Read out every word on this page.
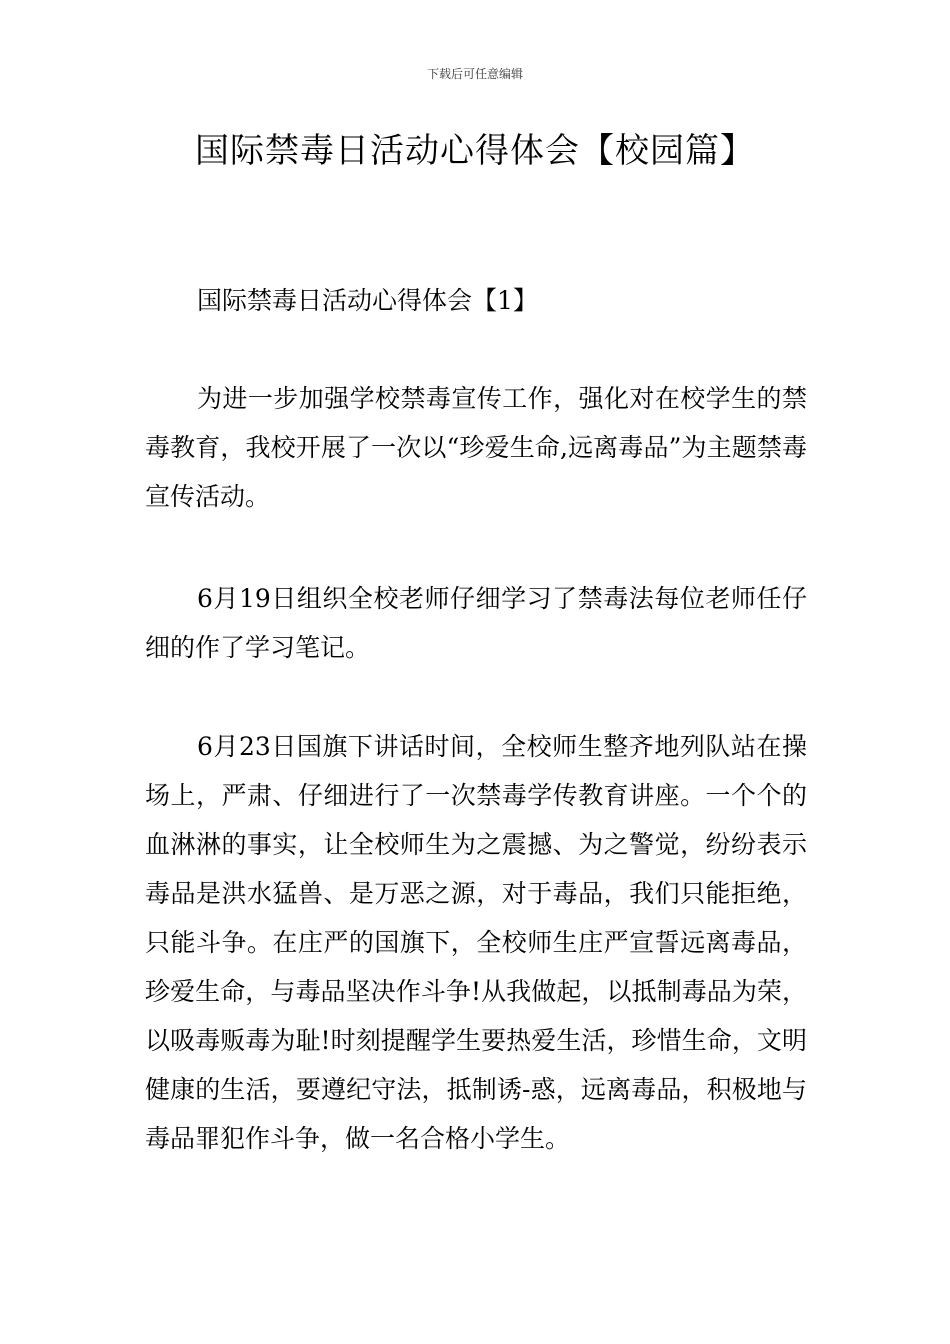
下载后可任意编辑
国际禁毒日活动心得体会【校园篇】

国际禁毒日活动心得体会【1】

为进一步加强学校禁毒宣传工作，强化对在校学生的禁毒教育，我校开展了一次以“珍爱生命,远离毒品”为主题禁毒宣传活动。

6月19日组织全校老师仔细学习了禁毒法每位老师任仔细的作了学习笔记。

6月23日国旗下讲话时间，全校师生整齐地列队站在操场上，严肃、仔细进行了一次禁毒学传教育讲座。一个个的血淋淋的事实，让全校师生为之震撼、为之警觉，纷纷表示毒品是洪水猛兽、是万恶之源，对于毒品，我们只能拒绝，只能斗争。在庄严的国旗下，全校师生庄严宣誓远离毒品，珍爱生命，与毒品坚决作斗争!从我做起，以抵制毒品为荣，以吸毒贩毒为耻!时刻提醒学生要热爱生活，珍惜生命，文明健康的生活，要遵纪守法，抵制诱-惑，远离毒品，积极地与毒品罪犯作斗争，做一名合格小学生。
